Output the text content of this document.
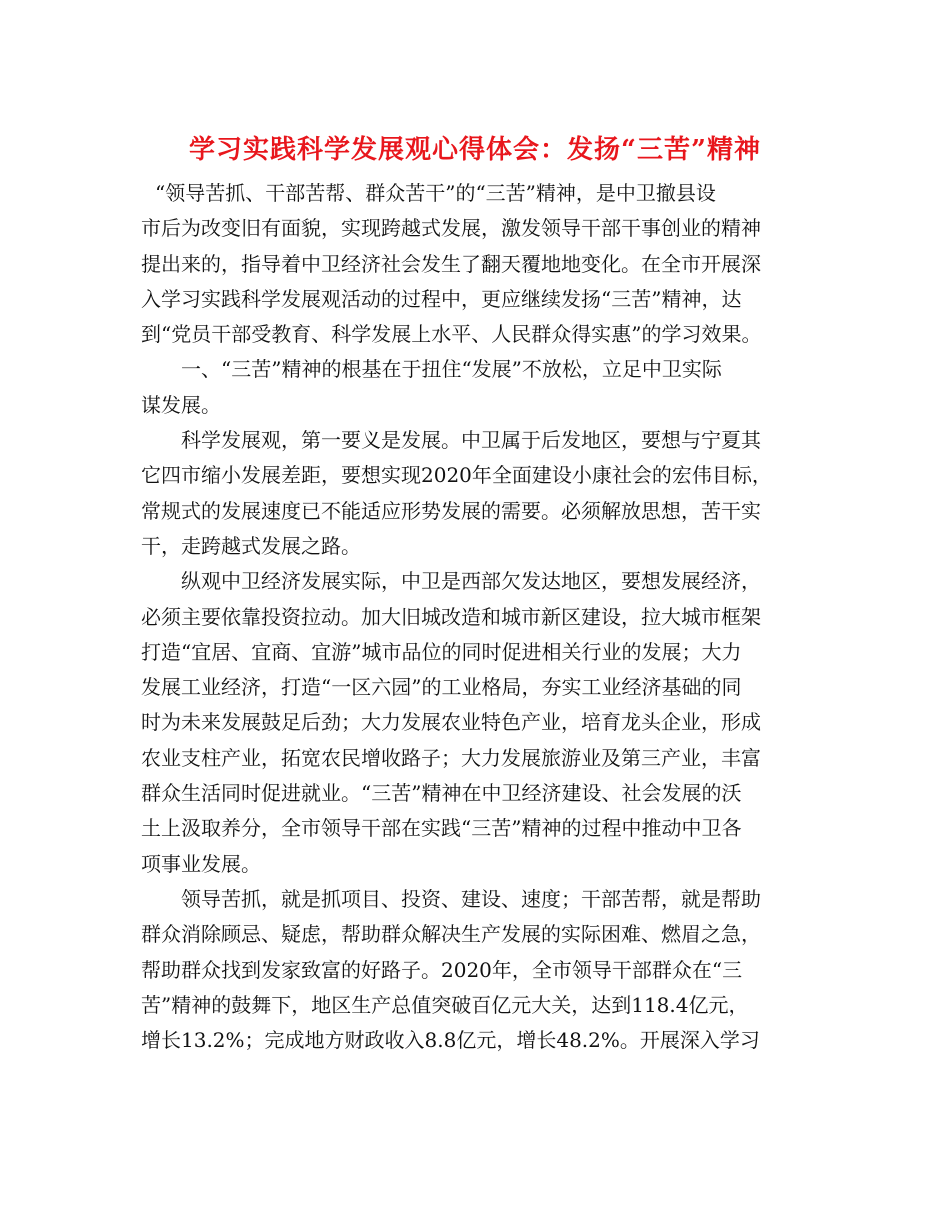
学习实践科学发展观心得体会：发扬“三苦”精神
“领导苦抓、干部苦帮、群众苦干”的“三苦”精神，是中卫撤县设
市后为改变旧有面貌，实现跨越式发展，激发领导干部干事创业的精神
提出来的，指导着中卫经济社会发生了翻天覆地地变化。在全市开展深
入学习实践科学发展观活动的过程中，更应继续发扬“三苦”精神，达
到“党员干部受教育、科学发展上水平、人民群众得实惠”的学习效果。
一、“三苦”精神的根基在于扭住“发展”不放松，立足中卫实际
谋发展。
科学发展观，第一要义是发展。中卫属于后发地区，要想与宁夏其
它四市缩小发展差距，要想实现2020年全面建设小康社会的宏伟目标，
常规式的发展速度已不能适应形势发展的需要。必须解放思想，苦干实
干，走跨越式发展之路。
纵观中卫经济发展实际，中卫是西部欠发达地区，要想发展经济，
必须主要依靠投资拉动。加大旧城改造和城市新区建设，拉大城市框架
打造“宜居、宜商、宜游”城市品位的同时促进相关行业的发展；大力
发展工业经济，打造“一区六园”的工业格局，夯实工业经济基础的同
时为未来发展鼓足后劲；大力发展农业特色产业，培育龙头企业，形成
农业支柱产业，拓宽农民增收路子；大力发展旅游业及第三产业，丰富
群众生活同时促进就业。“三苦”精神在中卫经济建设、社会发展的沃
土上汲取养分，全市领导干部在实践“三苦”精神的过程中推动中卫各
项事业发展。
领导苦抓，就是抓项目、投资、建设、速度；干部苦帮，就是帮助
群众消除顾忌、疑虑，帮助群众解决生产发展的实际困难、燃眉之急，
帮助群众找到发家致富的好路子。2020年，全市领导干部群众在“三
苦”精神的鼓舞下，地区生产总值突破百亿元大关，达到118.4亿元，
增长13.2%；完成地方财政收入8.8亿元，增长48.2%。开展深入学习
